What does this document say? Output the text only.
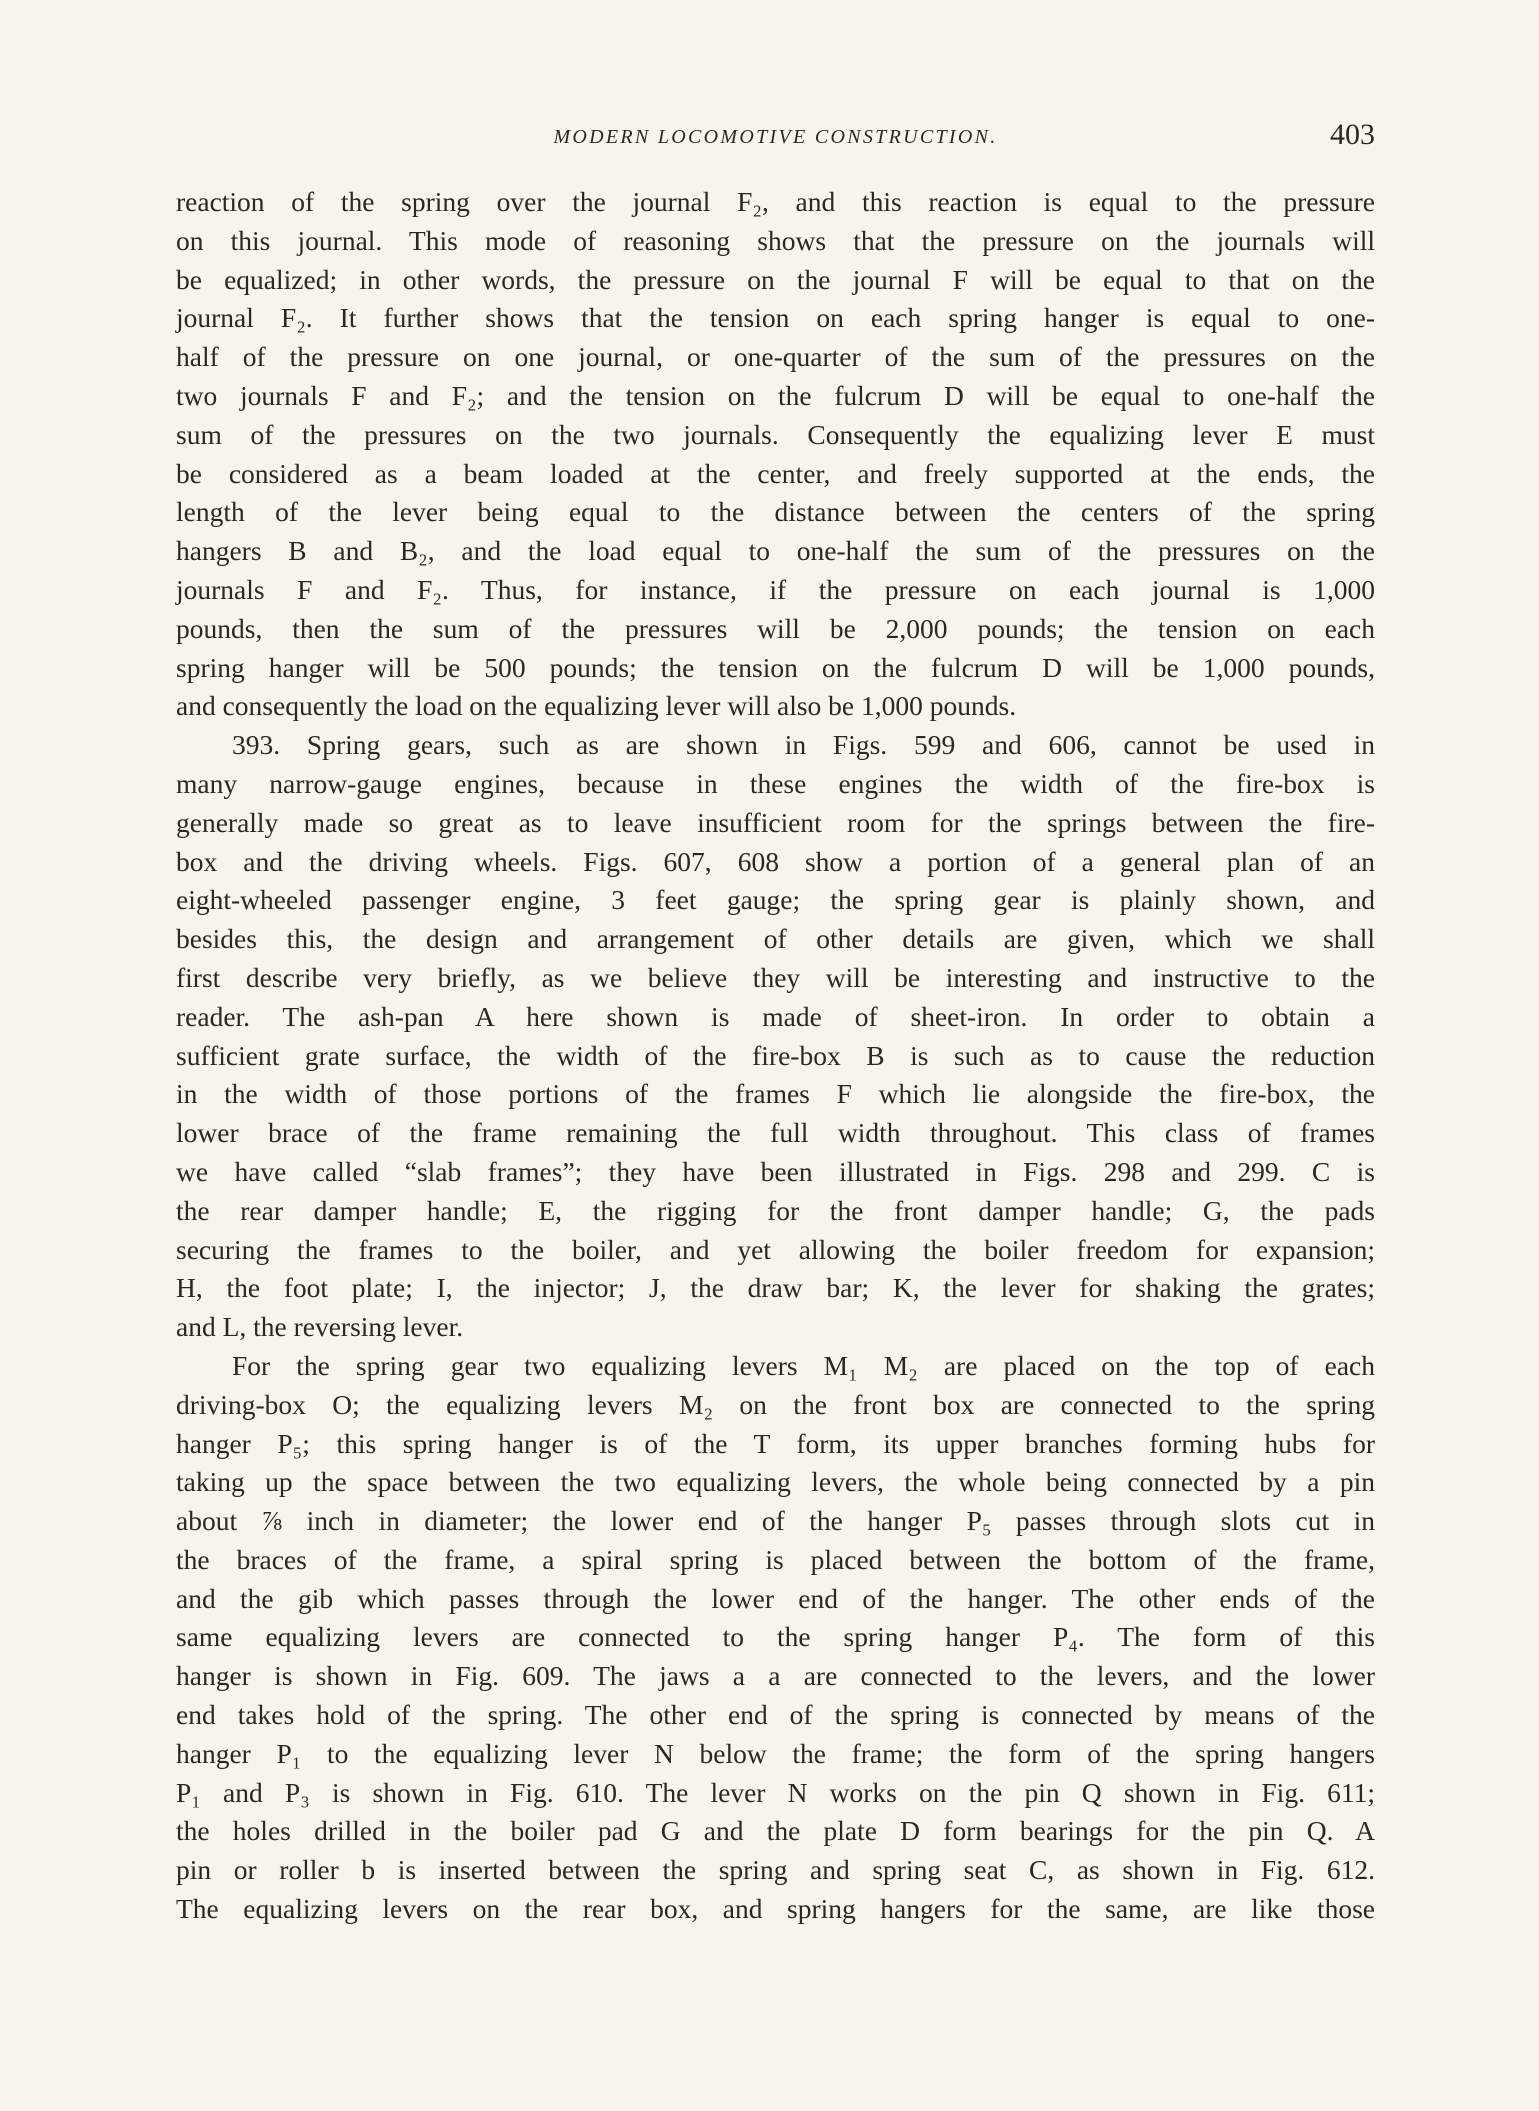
MODERN LOCOMOTIVE CONSTRUCTION.	403
reaction of the spring over the journal F₂, and this reaction is equal to the pressure
on this journal. This mode of reasoning shows that the pressure on the journals will
be equalized; in other words, the pressure on the journal F will be equal to that on the
journal F₂. It further shows that the tension on each spring hanger is equal to one-
half of the pressure on one journal, or one-quarter of the sum of the pressures on the
two journals F and F₂; and the tension on the fulcrum D will be equal to one-half the
sum of the pressures on the two journals. Consequently the equalizing lever E must
be considered as a beam loaded at the center, and freely supported at the ends, the
length of the lever being equal to the distance between the centers of the spring
hangers B and B₂, and the load equal to one-half the sum of the pressures on the
journals F and F₂. Thus, for instance, if the pressure on each journal is 1,000
pounds, then the sum of the pressures will be 2,000 pounds; the tension on each
spring hanger will be 500 pounds; the tension on the fulcrum D will be 1,000 pounds,
and consequently the load on the equalizing lever will also be 1,000 pounds.
393. Spring gears, such as are shown in Figs. 599 and 606, cannot be used in
many narrow-gauge engines, because in these engines the width of the fire-box is
generally made so great as to leave insufficient room for the springs between the fire-
box and the driving wheels. Figs. 607, 608 show a portion of a general plan of an
eight-wheeled passenger engine, 3 feet gauge; the spring gear is plainly shown, and
besides this, the design and arrangement of other details are given, which we shall
first describe very briefly, as we believe they will be interesting and instructive to the
reader. The ash-pan A here shown is made of sheet-iron. In order to obtain a
sufficient grate surface, the width of the fire-box B is such as to cause the reduction
in the width of those portions of the frames F which lie alongside the fire-box, the
lower brace of the frame remaining the full width throughout. This class of frames
we have called “slab frames”; they have been illustrated in Figs. 298 and 299. C is
the rear damper handle; E, the rigging for the front damper handle; G, the pads
securing the frames to the boiler, and yet allowing the boiler freedom for expansion;
H, the foot plate; I, the injector; J, the draw bar; K, the lever for shaking the grates;
and L, the reversing lever.
For the spring gear two equalizing levers M₁ M₂ are placed on the top of each
driving-box O; the equalizing levers M₂ on the front box are connected to the spring
hanger P₅; this spring hanger is of the T form, its upper branches forming hubs for
taking up the space between the two equalizing levers, the whole being connected by a pin
about ⅞ inch in diameter; the lower end of the hanger P₅ passes through slots cut in
the braces of the frame, a spiral spring is placed between the bottom of the frame,
and the gib which passes through the lower end of the hanger. The other ends of the
same equalizing levers are connected to the spring hanger P₄. The form of this
hanger is shown in Fig. 609. The jaws a a are connected to the levers, and the lower
end takes hold of the spring. The other end of the spring is connected by means of the
hanger P₁ to the equalizing lever N below the frame; the form of the spring hangers
P₁ and P₃ is shown in Fig. 610. The lever N works on the pin Q shown in Fig. 611;
the holes drilled in the boiler pad G and the plate D form bearings for the pin Q. A
pin or roller b is inserted between the spring and spring seat C, as shown in Fig. 612.
The equalizing levers on the rear box, and spring hangers for the same, are like those
